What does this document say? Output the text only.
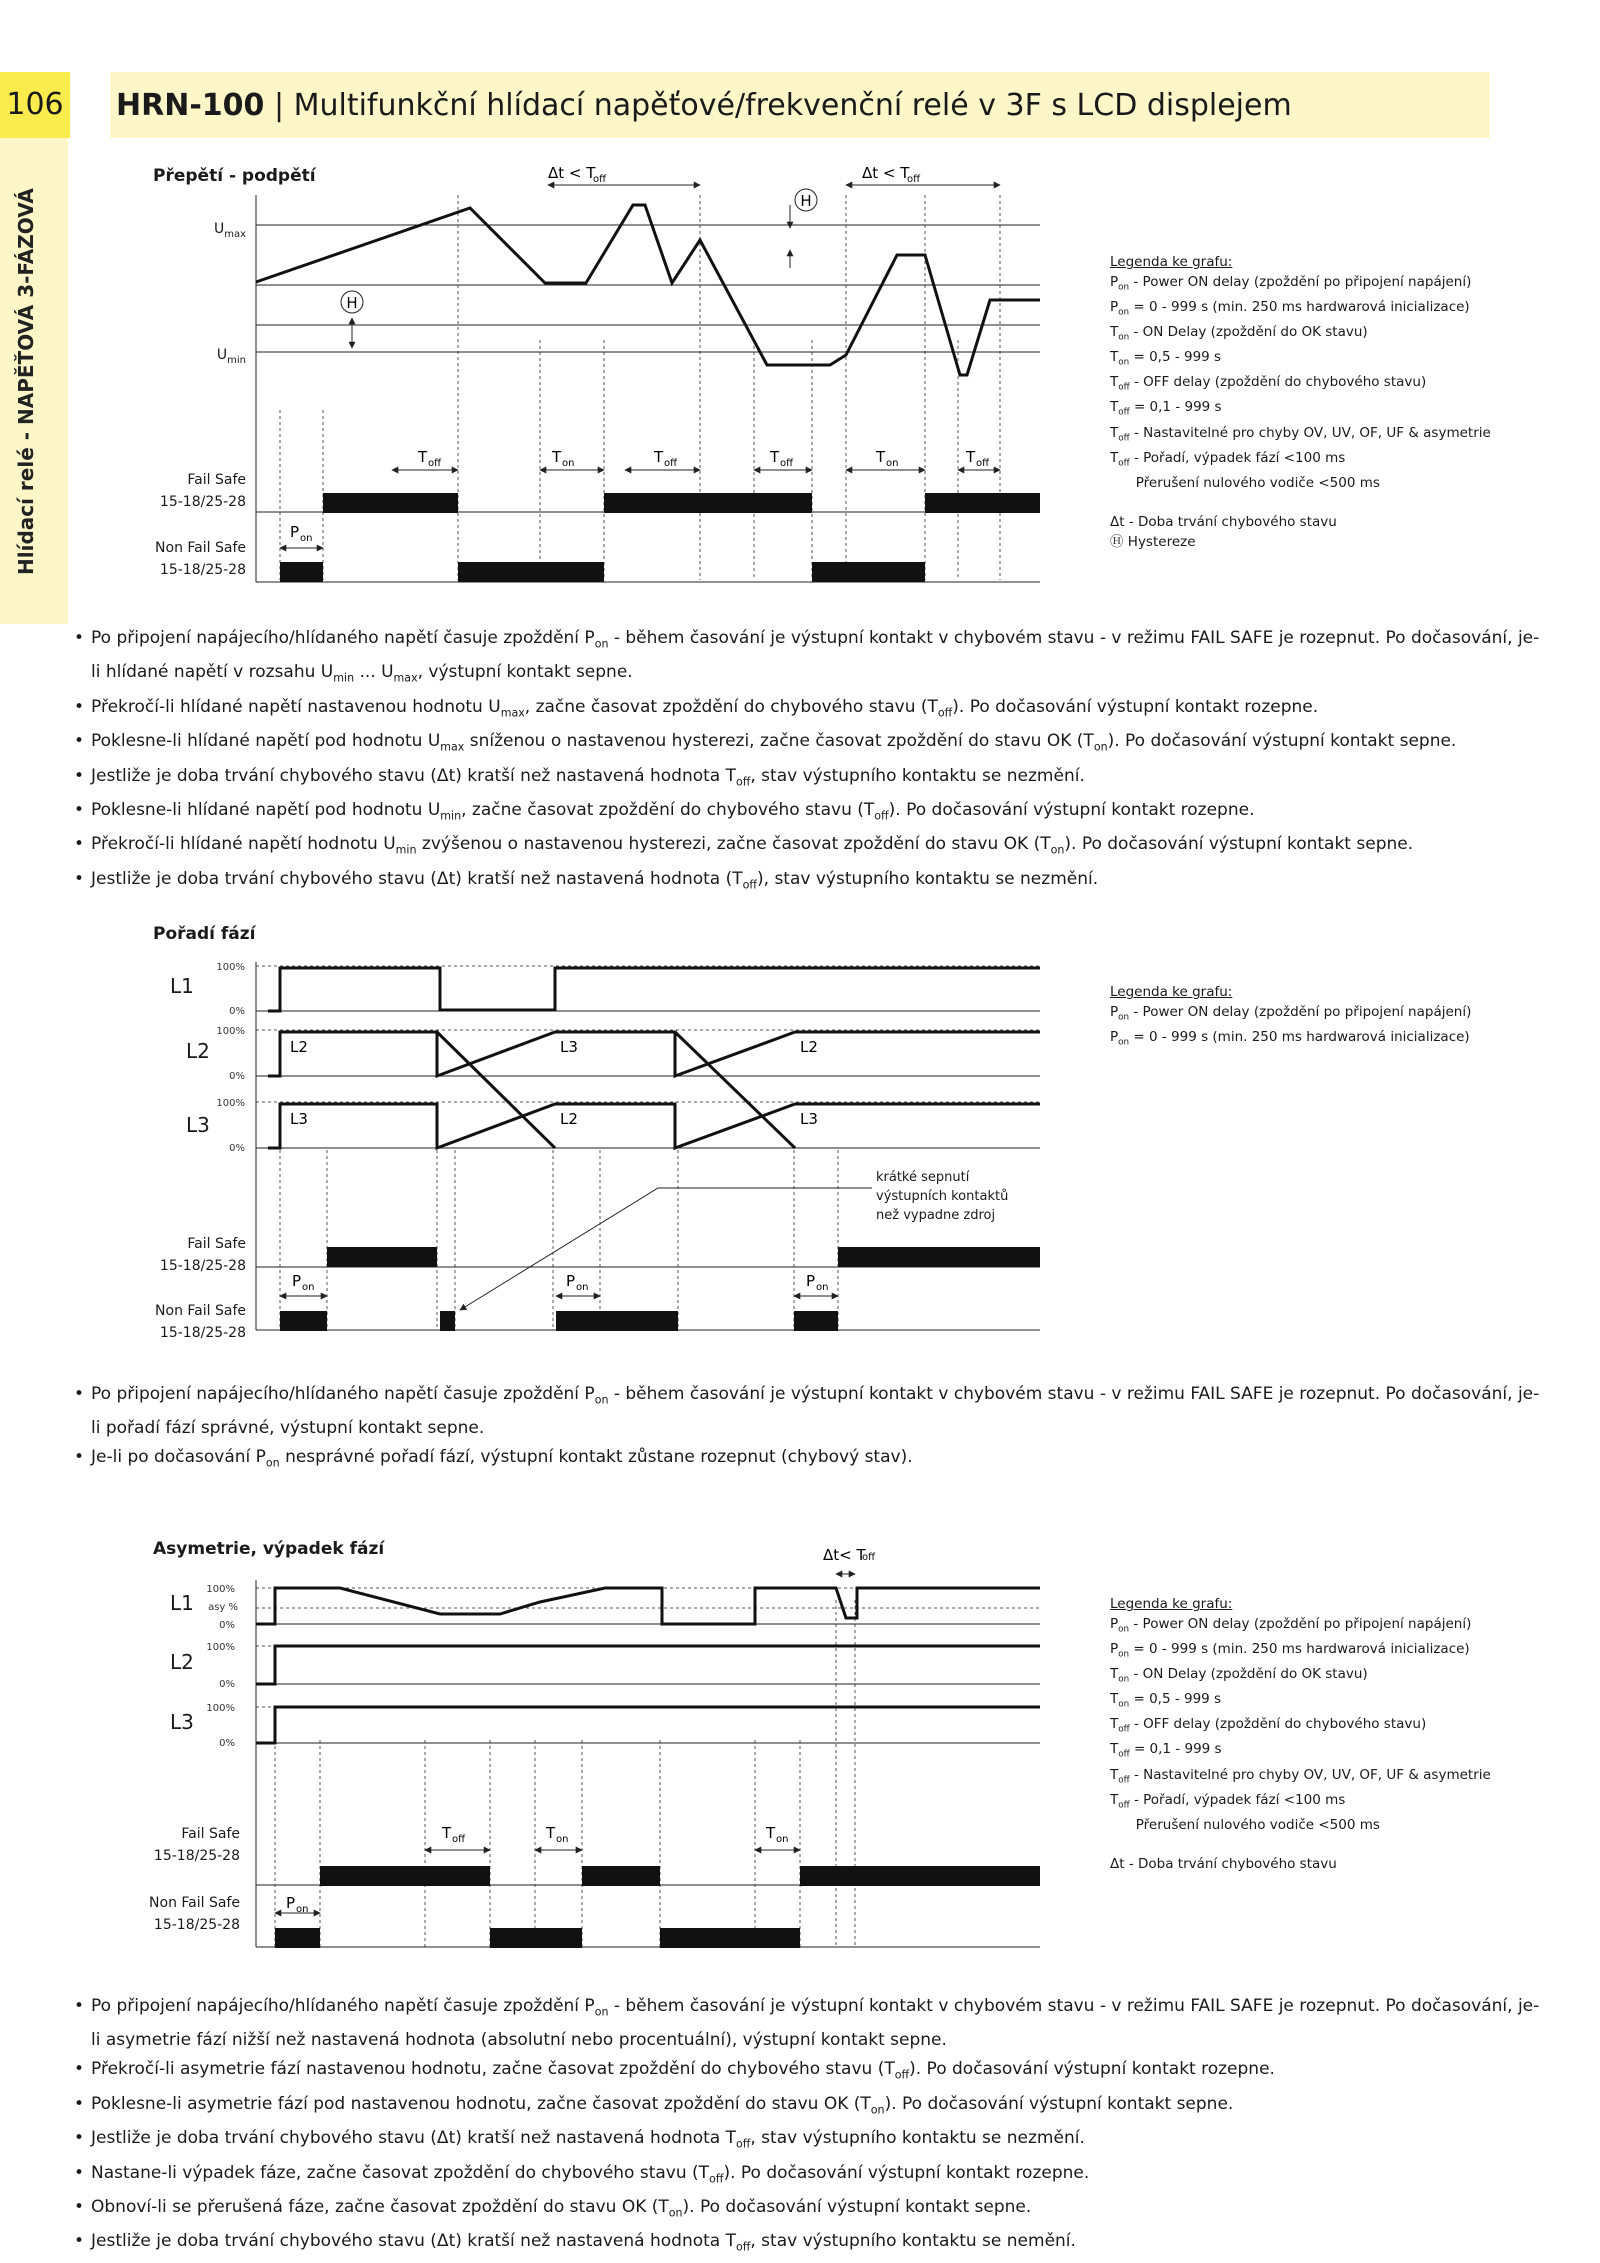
106 HRN-100 | Multifunkční hlídací napěťové/frekvenční relé v 3F s LCD displejem
Hlídací relé - NAPĚŤOVÁ 3-FÁZOVÁ
Přepětí - podpětí
$U_{max}$
$U_{min}$
Fail Safe
15-18/25-28
Non Fail Safe
15-18/25-28
H
H
Δt < T
off	Δt < T
off
T off	T on	T off	T off	T on	T off
P on
Legenda ke grafu:
$P_{on}$ - Power ON delay (zpoždění po připojení napájení)
$P_{on} = 0 - 999$ s (min. 250 ms hardwarová inicializace)
$T_{on}$ - ON Delay (zpoždění do OK stavu)
$T_{on} = 0,5 - 999$ s
$T_{off}$ - OFF delay (zpoždění do chybového stavu)
$T_{off} = 0,1 - 999$ s
$T_{off}$ - Nastavitelné pro chyby OV, UV, OF, UF & asymetrie
$T_{off}$ - Pořadí, výpadek fází <100 ms
Přerušení nulového vodiče <500 ms
Δt - Doba trvání chybového stavu
Ⓗ Hystereze
• Po připojení napájecího/hlídaného napětí časuje zpoždění $P_{on}$ - během časování je výstupní kontakt v chybovém stavu - v režimu FAIL SAFE je rozepnut. Po dočasování, je-li hlídané napětí v rozsahu $U_{min}$ ... $U_{max}$, výstupní kontakt sepne.
• Překročí-li hlídané napětí nastavenou hodnotu $U_{max}$, začne časovat zpoždění do chybového stavu $(T_{off})$. Po dočasování výstupní kontakt rozepne.
• Poklesne-li hlídané napětí pod hodnotu $U_{max}$ sníženou o nastavenou hysterezi, začne časovat zpoždění do stavu OK $(T_{on})$. Po dočasování výstupní kontakt sepne.
• Jestliže je doba trvání chybového stavu (Δt) kratší než nastavená hodnota $T_{off}$, stav výstupního kontaktu se nezmění.
• Poklesne-li hlídané napětí pod hodnotu $U_{min}$, začne časovat zpoždění do chybového stavu $(T_{off})$. Po dočasování výstupní kontakt rozepne.
• Překročí-li hlídané napětí hodnotu $U_{min}$ zvýšenou o nastavenou hysterezi, začne časovat zpoždění do stavu OK $(T_{on})$. Po dočasování výstupní kontakt sepne.
• Jestliže je doba trvání chybového stavu (Δt) kratší než nastavená hodnota $(T_{off})$, stav výstupního kontaktu se nezmění.
Pořadí fází
L1
L2
L3
Fail Safe
15-18/25-28
Non Fail Safe
15-18/25-28
krátké sepnutí
výstupních kontaktů
než vypadne zdroj
100%
0%
100%
0%
100%
0%
L2	L3	L2
L3	L2	L3
P on	P on	P on
Legenda ke grafu:
$P_{on}$ - Power ON delay (zpoždění po připojení napájení)
$P_{on} = 0 - 999$ s (min. 250 ms hardwarová inicializace)
• Po připojení napájecího/hlídaného napětí časuje zpoždění $P_{on}$ - během časování je výstupní kontakt v chybovém stavu - v režimu FAIL SAFE je rozepnut. Po dočasování, je-li pořadí fází správné, výstupní kontakt sepne.
• Je-li po dočasování $P_{on}$ nesprávné pořadí fází, výstupní kontakt zůstane rozepnut (chybový stav).
Asymetrie, výpadek fází
L1
L2
L3
Fail Safe
15-18/25-28
Non Fail Safe
15-18/25-28
100%
asy %
0%
100%
0%
100%
0%
T off	T on	T on
P on
Δt< T
off
Legenda ke grafu:
$P_{on}$ - Power ON delay (zpoždění po připojení napájení)
$P_{on} = 0 - 999$ s (min. 250 ms hardwarová inicializace)
$T_{on}$ - ON Delay (zpoždění do OK stavu)
$T_{on} = 0,5 - 999$ s
$T_{off}$ - OFF delay (zpoždění do chybového stavu)
$T_{off} = 0,1 - 999$ s
$T_{off}$ - Nastavitelné pro chyby OV, UV, OF, UF & asymetrie
$T_{off}$ - Pořadí, výpadek fází <100 ms
Přerušení nulového vodiče <500 ms
Δt - Doba trvání chybového stavu
• Po připojení napájecího/hlídaného napětí časuje zpoždění $P_{on}$ - během časování je výstupní kontakt v chybovém stavu - v režimu FAIL SAFE je rozepnut. Po dočasování, je-li asymetrie fází nižší než nastavená hodnota (absolutní nebo procentuální), výstupní kontakt sepne.
• Překročí-li asymetrie fází nastavenou hodnotu, začne časovat zpoždění do chybového stavu $(T_{off})$. Po dočasování výstupní kontakt rozepne.
• Poklesne-li asymetrie fází pod nastavenou hodnotu, začne časovat zpoždění do stavu OK $(T_{on})$. Po dočasování výstupní kontakt sepne.
• Jestliže je doba trvání chybového stavu (Δt) kratší než nastavená hodnota $T_{off}$, stav výstupního kontaktu se nezmění.
• Nastane-li výpadek fáze, začne časovat zpoždění do chybového stavu $(T_{off})$. Po dočasování výstupní kontakt rozepne.
• Obnoví-li se přerušená fáze, začne časovat zpoždění do stavu OK $(T_{on})$. Po dočasování výstupní kontakt sepne.
• Jestliže je doba trvání chybového stavu (Δt) kratší než nastavená hodnota $T_{off}$, stav výstupního kontaktu se nemění.
